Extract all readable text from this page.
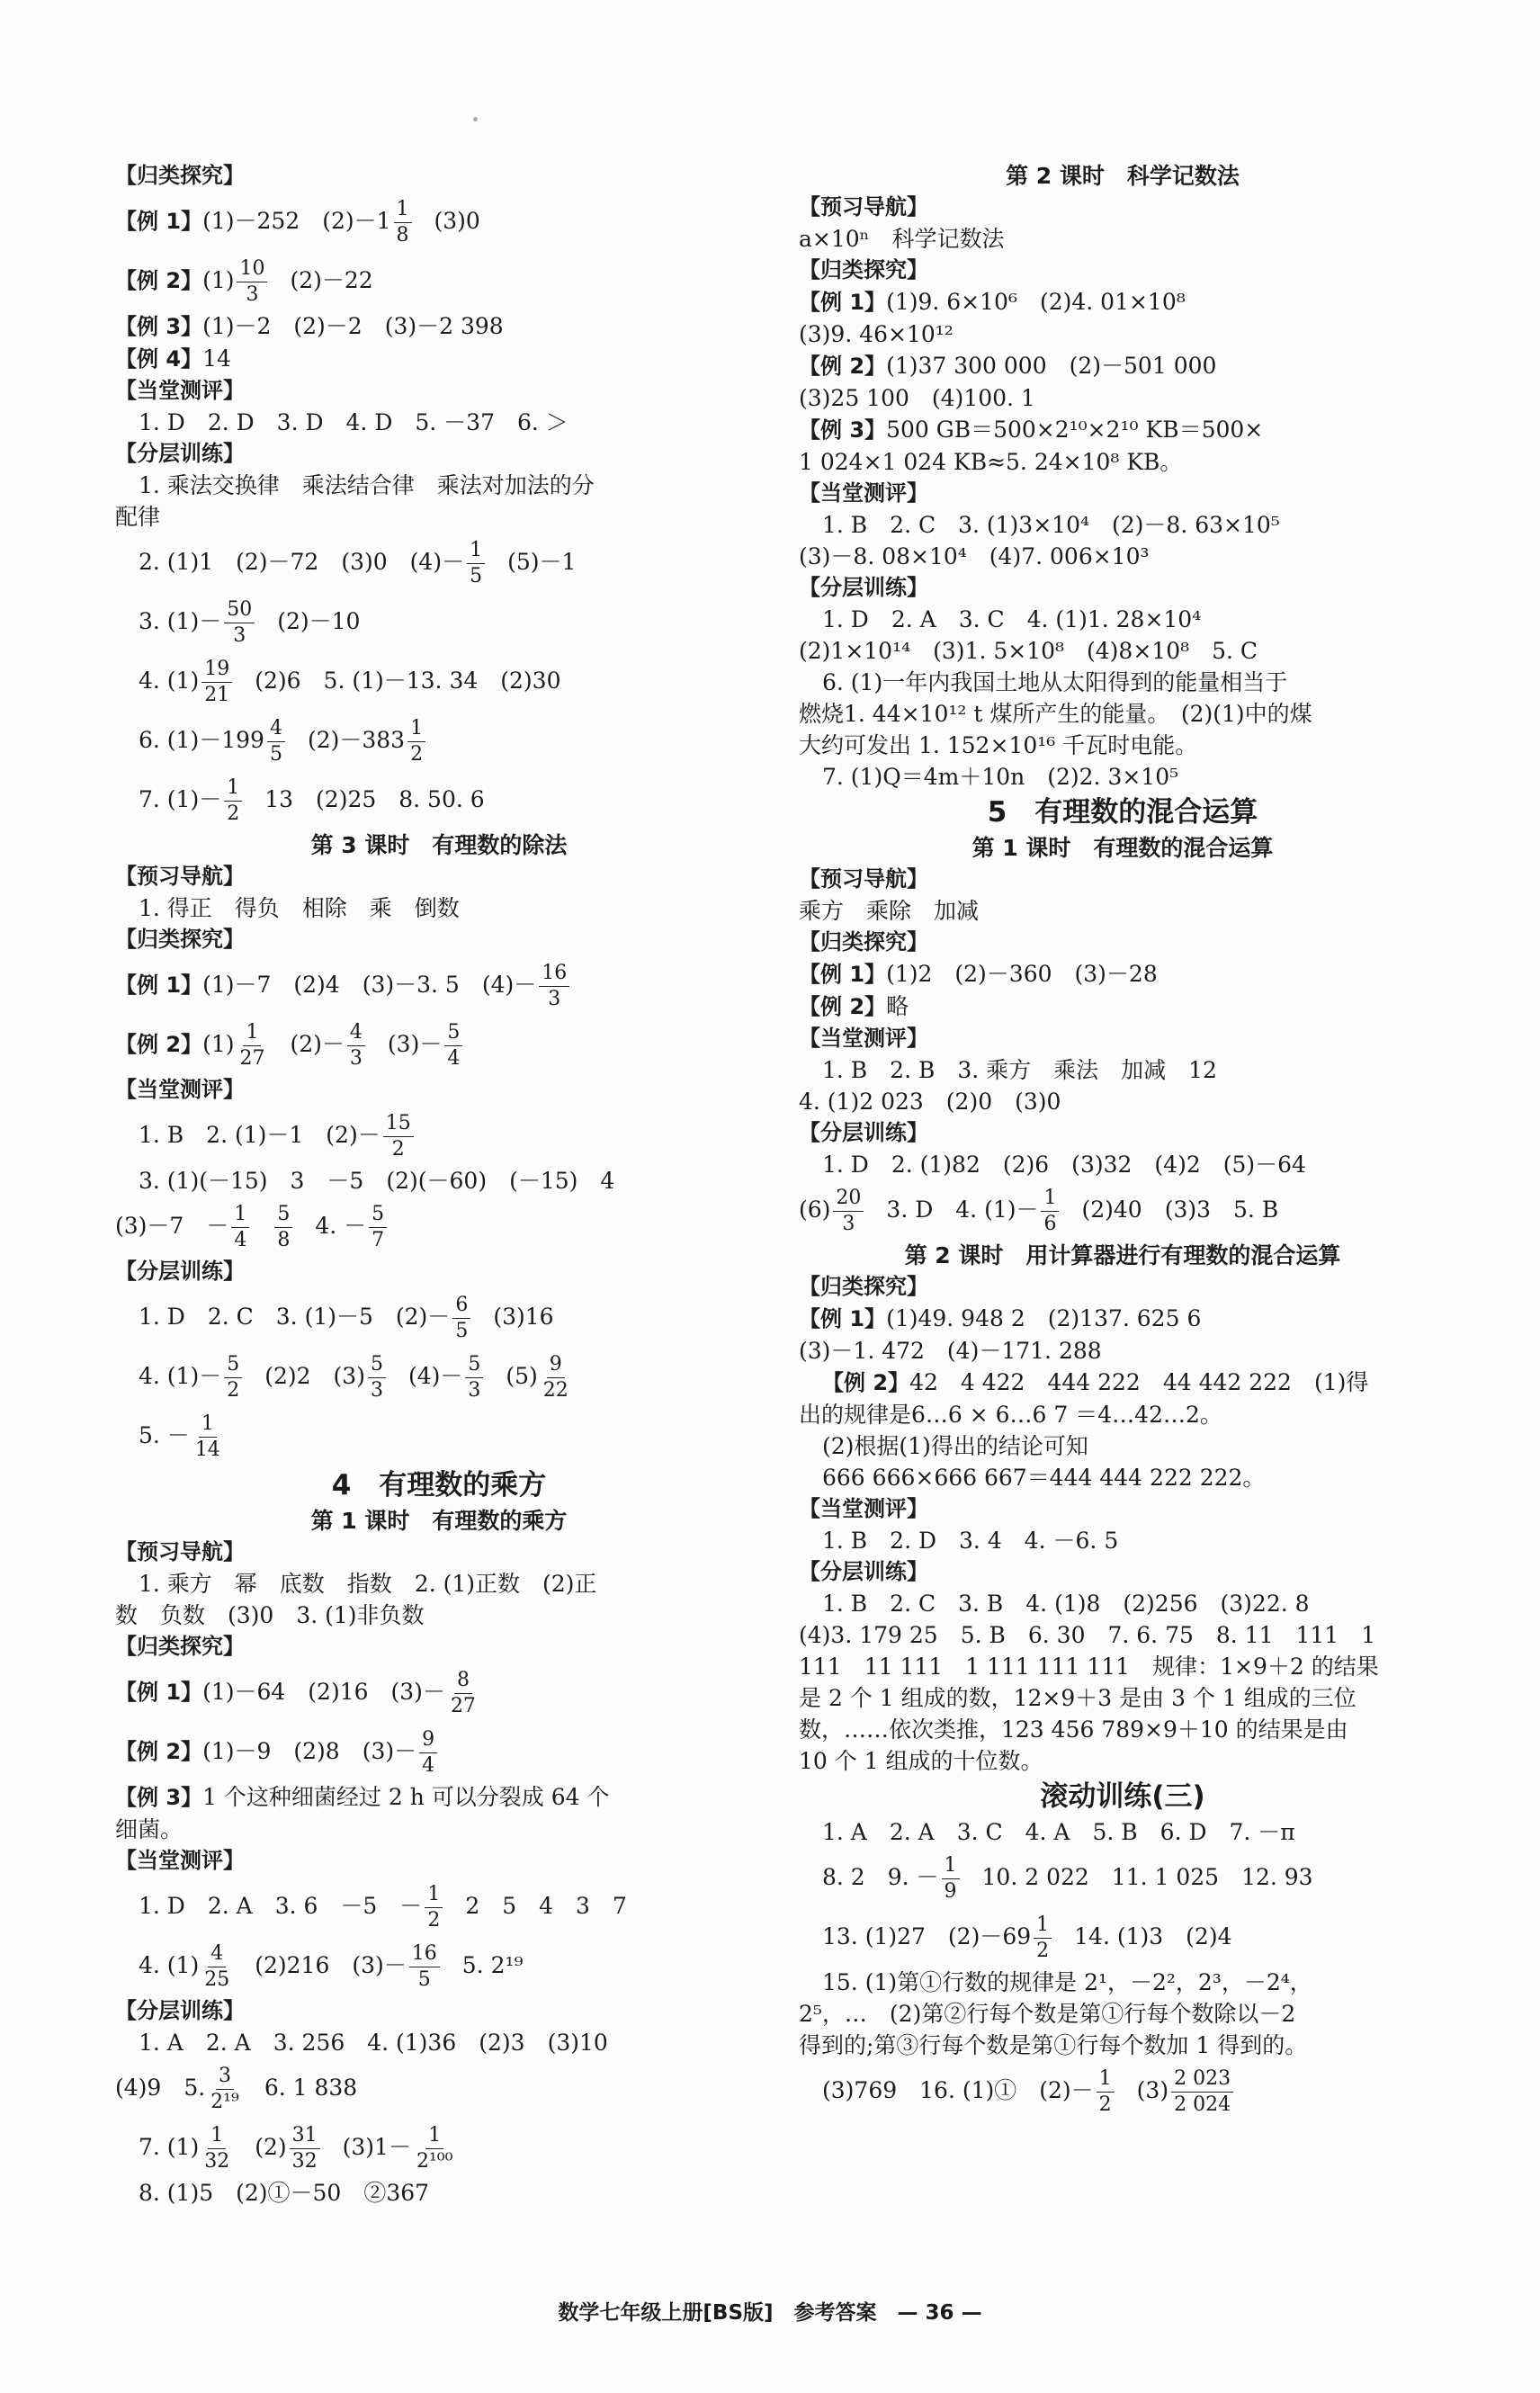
【归类探究】
【例 1】(1)－252　$(2)-1 \frac{1}{8} (3)0$
【例 2】$(1) \frac{10}{3} (2)-22$
【例 3】(1)－2　(2)－2　(3)－2 398
【例 4】14
【当堂测评】
1. D　2. D　3. D　4. D　5. －37　6. ＞
【分层训练】
1. 乘法交换律　乘法结合律　乘法对加法的分
配律
2. (1)1　(2)－72　(3)0　$(4)- \frac{1}{5} (5)-1$
3. $(1)- \frac{50}{3} (2)-10$
4. $(1) \frac{19}{21} (2)6$　5. (1)－13. 34　(2)30
6. $(1)-199 \frac{4}{5} (2)-383 \frac{1}{2}$
7. $(1)- \frac{1}{2} 13$　(2)25　8. 50. 6
第 3 课时　有理数的除法
【预习导航】
1. 得正　得负　相除　乘　倒数
【归类探究】
【例 1】(1)－7　(2)4　(3)－3. 5　$(4)- \frac{16}{3}$
【例 2】$(1) \frac{1}{27} (2)- \frac{4}{3} (3)- \frac{5}{4}$
【当堂测评】
1. B　2. (1)－1　$(2)- \frac{15}{2}$
3. (1)(－15)　3　－5　(2)(－60)　(－15)　4
(3)－7　－ $\frac{1}{4} \frac{5}{8} 4$. － $\frac{5}{7}$
【分层训练】
1. D　2. C　3. (1)－5　$(2)- \frac{6}{5} (3)16$
4. $(1)- \frac{5}{2} (2)2$　$(3) \frac{5}{3} (4)- \frac{5}{3} (5) \frac{9}{22}$
5. － $\frac{1}{14}$
4　有理数的乘方
第 1 课时　有理数的乘方
【预习导航】
1. 乘方　幂　底数　指数　2. (1)正数　(2)正
数　负数　(3)0　3. (1)非负数
【归类探究】
【例 1】(1)－64　(2)16　$(3)- \frac{8}{27}$
【例 2】(1)－9　(2)8　$(3)- \frac{9}{4}$
【例 3】1 个这种细菌经过 2 h 可以分裂成 64 个
细菌。
【当堂测评】
1. D　2. A　3. 6　－5　－ $\frac{1}{2} 2$　5　4　3　7
4. $(1) \frac{4}{25} (2)216$　$(3)- \frac{16}{5} 5$. 2¹⁹
【分层训练】
1. A　2. A　3. 256　4. (1)36　(2)3　(3)10
(4)9　5. $\frac{3}{\text{2¹⁹}} 6$. 1 838
7. $(1) \frac{1}{32} (2) \frac{31}{32} (3)1- \frac{1}{\text{2¹⁰⁰}}$
8. (1)5　(2)①－50　②367
第 2 课时　科学记数法
【预习导航】
a×10ⁿ　科学记数法
【归类探究】
【例 1】(1)9. 6×10⁶　(2)4. 01×10⁸
(3)9. 46×10¹²
【例 2】(1)37 300 000　(2)－501 000
(3)25 100　(4)100. 1
【例 3】500 GB＝500×2¹⁰×2¹⁰ KB＝500×
1 024×1 024 KB≈5. 24×10⁸ KB。
【当堂测评】
1. B　2. C　3. (1)3×10⁴　(2)－8. 63×10⁵
(3)－8. 08×10⁴　(4)7. 006×10³
【分层训练】
1. D　2. A　3. C　4. (1)1. 28×10⁴
(2)1×10¹⁴　(3)1. 5×10⁸　(4)8×10⁸　5. C
6. (1)一年内我国土地从太阳得到的能量相当于
燃烧1. 44×10¹² t 煤所产生的能量。　(2)(1)中的煤
大约可发出 1. 152×10¹⁶ 千瓦时电能。
7. (1)Q＝4m＋10n　(2)2. 3×10⁵
5　有理数的混合运算
第 1 课时　有理数的混合运算
【预习导航】
乘方　乘除　加减
【归类探究】
【例 1】(1)2　(2)－360　(3)－28
【例 2】略
【当堂测评】
1. B　2. B　3. 乘方　乘法　加减　12
4. (1)2 023　(2)0　(3)0
【分层训练】
1. D　2. (1)82　(2)6　(3)32　(4)2　(5)－64
$(6) \frac{20}{3} 3$. D　4. $(1)- \frac{1}{6} (2)40$　(3)3　5. B
第 2 课时　用计算器进行有理数的混合运算
【归类探究】
【例 1】(1)49. 948 2　(2)137. 625 6
(3)－1. 472　(4)－171. 288
【例 2】42　4 422　444 222　44 442 222　(1)得
出的规律是6…6 × 6…6 7 ＝4…42…2。
(2)根据(1)得出的结论可知
666 666×666 667＝444 444 222 222。
【当堂测评】
1. B　2. D　3. 4　4. －6. 5
【分层训练】
1. B　2. C　3. B　4. (1)8　(2)256　(3)22. 8
(4)3. 179 25　5. B　6. 30　7. 6. 75　8. 11　111　1
111　11 111　1 111 111 111　规律：1×9＋2 的结果
是 2 个 1 组成的数，12×9＋3 是由 3 个 1 组成的三位
数，……依次类推，123 456 789×9＋10 的结果是由
10 个 1 组成的十位数。
滚动训练(三)
1. A　2. A　3. C　4. A　5. B　6. D　7. －π
8. 2　9. － $\frac{1}{9} 10$. 2 022　11. 1 025　12. 93
13. (1)27　$(2)-69 \frac{1}{2} 14$. (1)3　(2)4
15. (1)第①行数的规律是 2¹，－2²，2³，－2⁴，
2⁵，…　(2)第②行每个数是第①行每个数除以－2
得到的;第③行每个数是第①行每个数加 1 得到的。
(3)769　16. (1)①　$(2)- \frac{1}{2} (3) \frac{2 023}{2 024}$
数学七年级上册[BS版]　参考答案　— 36 —
